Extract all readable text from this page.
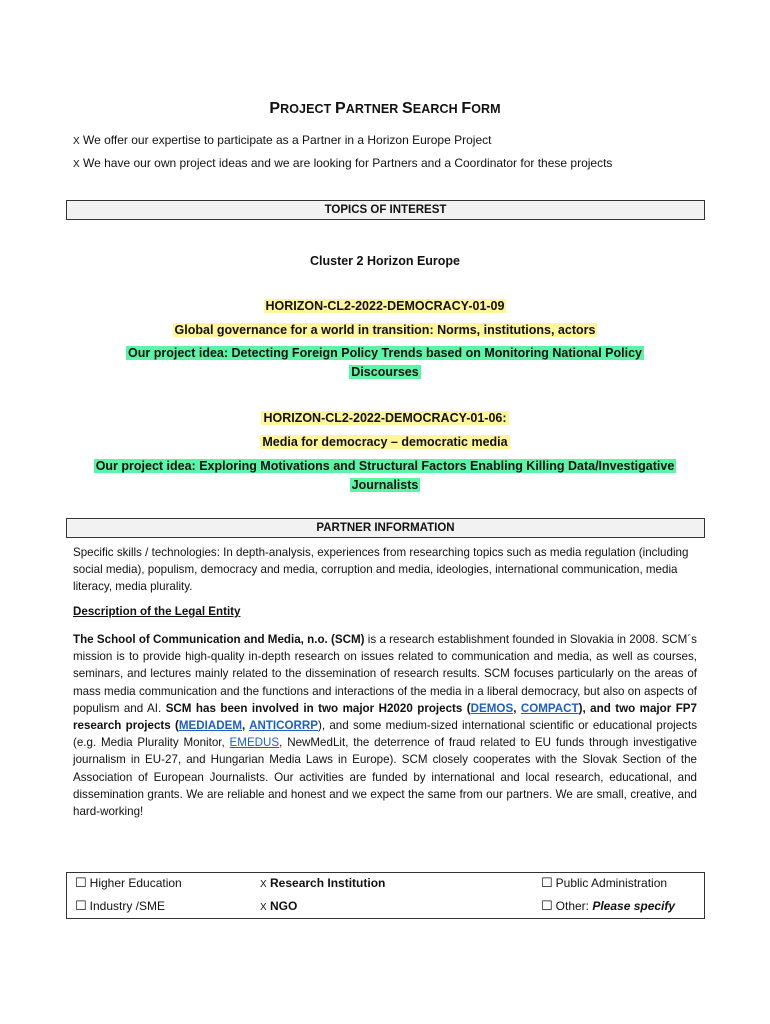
PROJECT PARTNER SEARCH FORM
X We offer our expertise to participate as a Partner in a Horizon Europe Project
X We have our own project ideas and we are looking for Partners and a Coordinator for these projects
TOPICS OF INTEREST
Cluster 2 Horizon Europe
HORIZON-CL2-2022-DEMOCRACY-01-09
Global governance for a world in transition: Norms, institutions, actors
Our project idea: Detecting Foreign Policy Trends based on Monitoring National Policy
Discourses
HORIZON-CL2-2022-DEMOCRACY-01-06:
Media for democracy – democratic media
Our project idea: Exploring Motivations and Structural Factors Enabling Killing Data/Investigative
Journalists
PARTNER INFORMATION
Specific skills / technologies: In depth-analysis, experiences from researching topics such as media regulation (including social media), populism, democracy and media, corruption and media, ideologies, international communication, media literacy, media plurality.
Description of the Legal Entity
The School of Communication and Media, n.o. (SCM) is a research establishment founded in Slovakia in 2008. SCM´s mission is to provide high-quality in-depth research on issues related to communication and media, as well as courses, seminars, and lectures mainly related to the dissemination of research results. SCM focuses particularly on the areas of mass media communication and the functions and interactions of the media in a liberal democracy, but also on aspects of populism and AI. SCM has been involved in two major H2020 projects (DEMOS, COMPACT), and two major FP7 research projects (MEDIADEM, ANTICORRP), and some medium-sized international scientific or educational projects (e.g. Media Plurality Monitor, EMEDUS, NewMedLit, the deterrence of fraud related to EU funds through investigative journalism in EU-27, and Hungarian Media Laws in Europe). SCM closely cooperates with the Slovak Section of the Association of European Journalists. Our activities are funded by international and local research, educational, and dissemination grants. We are reliable and honest and we expect the same from our partners. We are small, creative, and hard-working!
☐ Higher Education	X Research Institution	☐ Public Administration
☐ Industry /SME	X NGO	☐ Other: Please specify
